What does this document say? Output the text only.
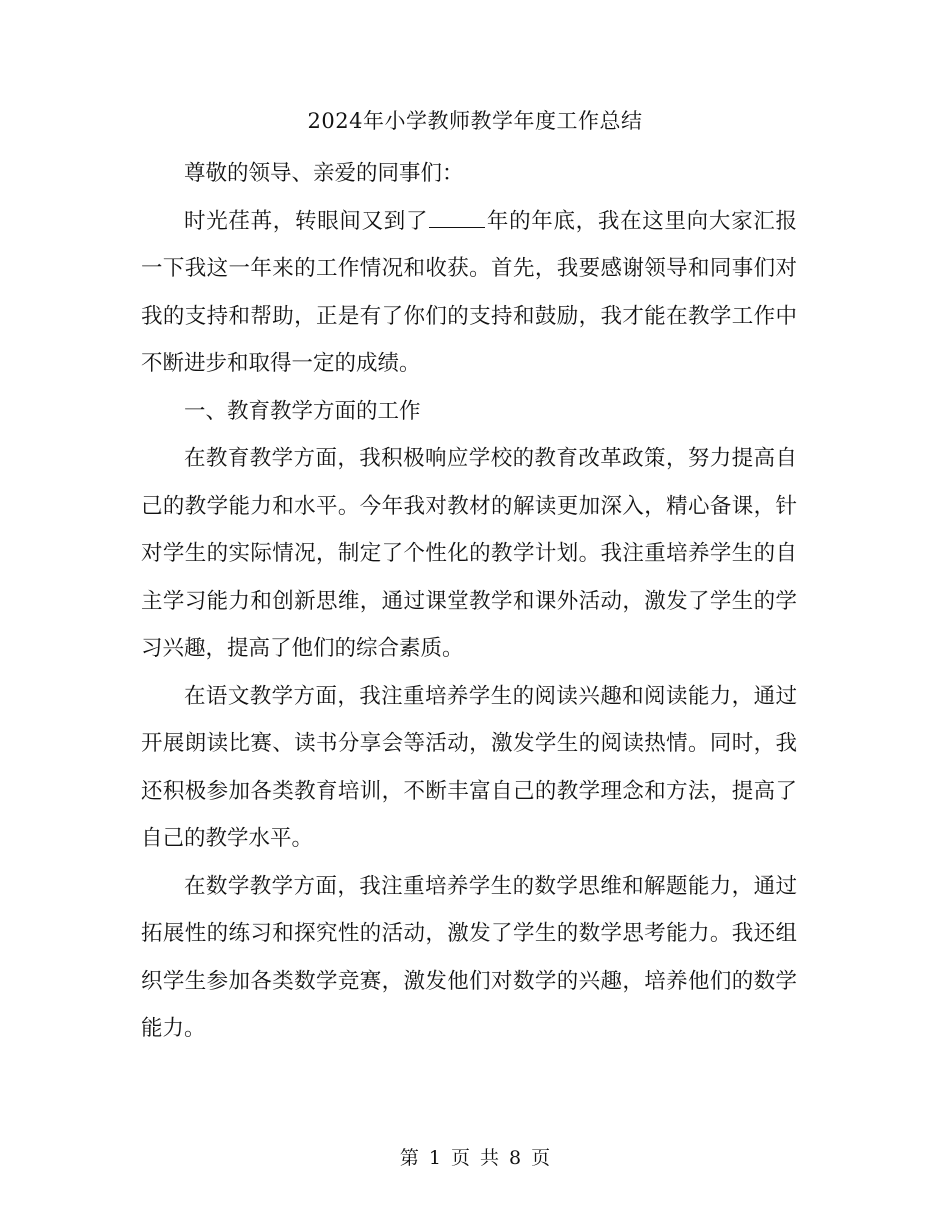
2024年小学教师教学年度工作总结

尊敬的领导、亲爱的同事们：

时光荏苒，转眼间又到了	年的年底，我在这里向大家汇报一下我这一年来的工作情况和收获。首先，我要感谢领导和同事们对我的支持和帮助，正是有了你们的支持和鼓励，我才能在教学工作中不断进步和取得一定的成绩。

一、教育教学方面的工作

在教育教学方面，我积极响应学校的教育改革政策，努力提高自己的教学能力和水平。今年我对教材的解读更加深入，精心备课，针对学生的实际情况，制定了个性化的教学计划。我注重培养学生的自主学习能力和创新思维，通过课堂教学和课外活动，激发了学生的学习兴趣，提高了他们的综合素质。

在语文教学方面，我注重培养学生的阅读兴趣和阅读能力，通过开展朗读比赛、读书分享会等活动，激发学生的阅读热情。同时，我还积极参加各类教育培训，不断丰富自己的教学理念和方法，提高了自己的教学水平。

在数学教学方面，我注重培养学生的数学思维和解题能力，通过拓展性的练习和探究性的活动，激发了学生的数学思考能力。我还组织学生参加各类数学竞赛，激发他们对数学的兴趣，培养他们的数学能力。

第 1 页 共 8 页
